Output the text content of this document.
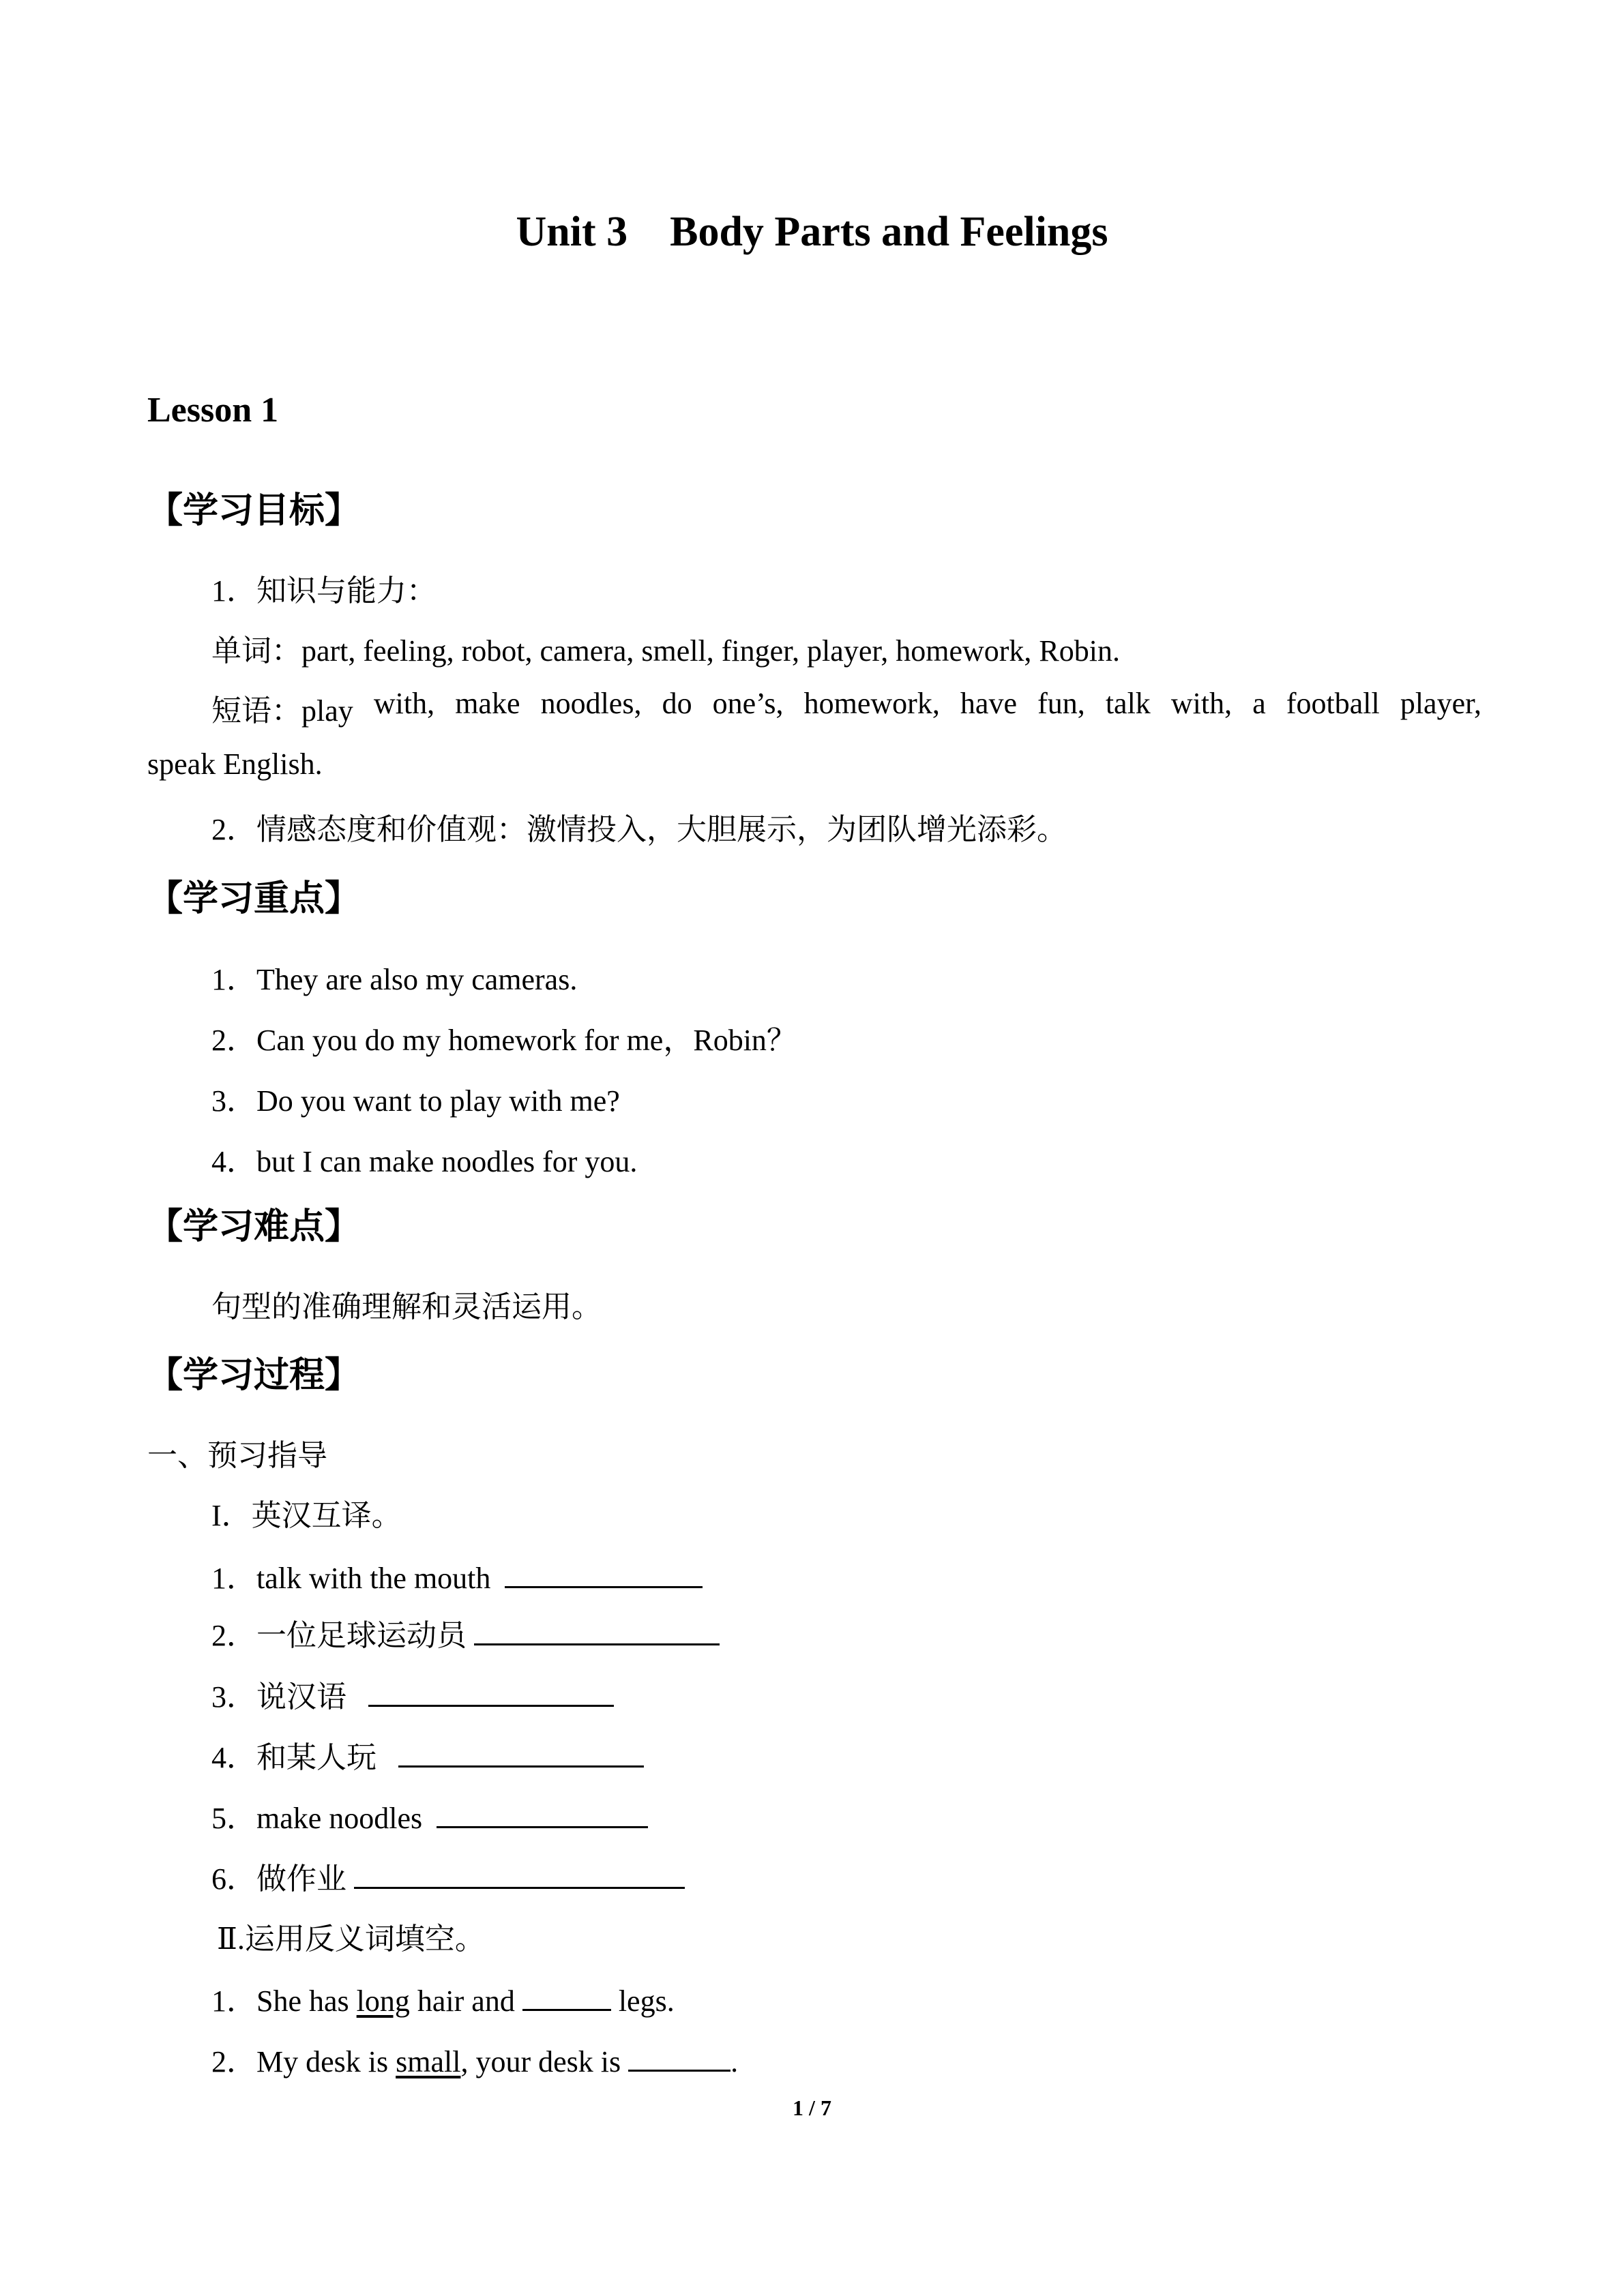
Unit 3    Body Parts and Feelings
Lesson 1
【学习目标】
1．知识与能力：
单词：part, feeling, robot, camera, smell, finger, player, homework, Robin.
短语：play with, make noodles, do one’s, homework, have fun, talk with, a football player,
speak English.
2．情感态度和价值观：激情投入，大胆展示，为团队增光添彩。
【学习重点】
1．They are also my cameras.
2．Can you do my homework for me，Robin？
3．Do you want to play with me?
4．but I can make noodles for you.
【学习难点】
句型的准确理解和灵活运用。
【学习过程】
一、预习指导
I．英汉互译。
1．talk with the mouth
2．一位足球运动员
3．说汉语
4．和某人玩
5．make noodles
6．做作业
Ⅱ.运用反义词填空。
1．She has long hair and	legs.
2．My desk is small, your desk is	.
1 / 7
